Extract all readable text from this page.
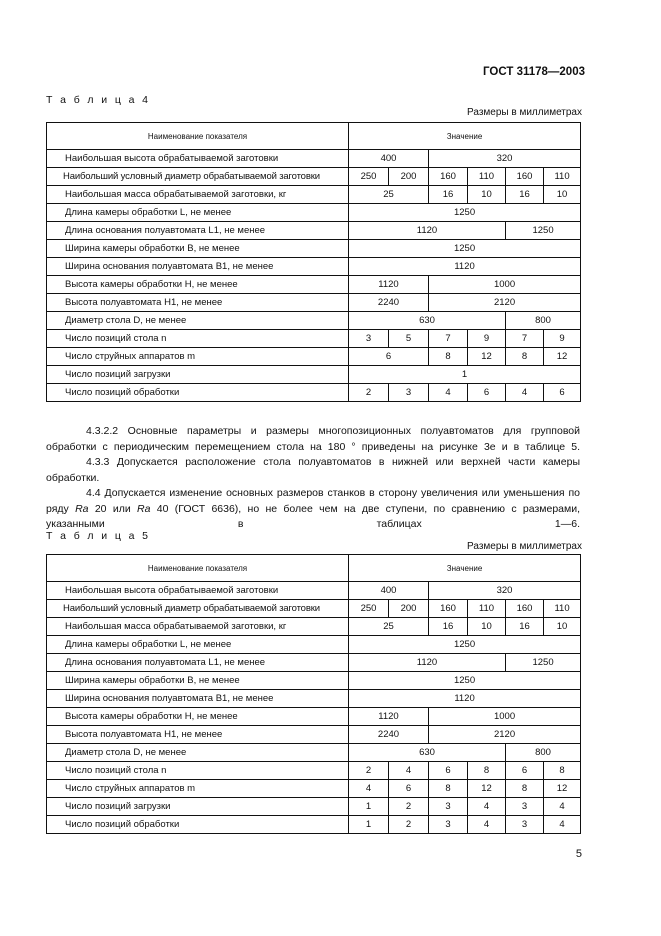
ГОСТ 31178—2003
Т а б л и ц а 4
Размеры в миллиметрах
Наименование показателя	Значение					
Наибольшая высота обрабатываемой заготовки	400		320			
Наибольший условный диаметр обрабатываемой заготовки	250	200	160	110	160	110
Наибольшая масса обрабатываемой заготовки, кг	25		16	10	16	10
Длина камеры обработки L, не менее	1250					
Длина основания полуавтомата L1, не менее	1120				1250	
Ширина камеры обработки B, не менее	1250					
Ширина основания полуавтомата B1, не менее	1120					
Высота камеры обработки H, не менее	1120		1000			
Высота полуавтомата H1, не менее	2240		2120			
Диаметр стола D, не менее	630				800	
Число позиций стола n	3	5	7	9	7	9
Число струйных аппаратов m	6		8	12	8	12
Число позиций загрузки	1					
Число позиций обработки	2	3	4	6	4	6

4.3.2.2 Основные параметры и размеры многопозиционных полуавтоматов для групповой обработки с периодическим перемещением стола на 180 ° приведены на рисунке 3е и в таблице 5.

4.3.3 Допускается расположение стола полуавтоматов в нижней или верхней части камеры обработки.

4.4 Допускается изменение основных размеров станков в сторону увеличения или уменьшения по ряду Ra 20 или Ra 40 (ГОСТ 6636), но не более чем на две ступени, по сравнению с размерами, указанными в таблицах 1—6.

Т а б л и ц а 5
Размеры в миллиметрах
Наименование показателя	Значение					
Наибольшая высота обрабатываемой заготовки	400		320			
Наибольший условный диаметр обрабатываемой заготовки	250	200	160	110	160	110
Наибольшая масса обрабатываемой заготовки, кг	25		16	10	16	10
Длина камеры обработки L, не менее	1250					
Длина основания полуавтомата L1, не менее	1120				1250	
Ширина камеры обработки B, не менее	1250					
Ширина основания полуавтомата B1, не менее	1120					
Высота камеры обработки H, не менее	1120		1000			
Высота полуавтомата H1, не менее	2240		2120			
Диаметр стола D, не менее	630				800	
Число позиций стола n	2	4	6	8	6	8
Число струйных аппаратов m	4	6	8	12	8	12
Число позиций загрузки	1	2	3	4	3	4
Число позиций обработки	1	2	3	4	3	4
5
